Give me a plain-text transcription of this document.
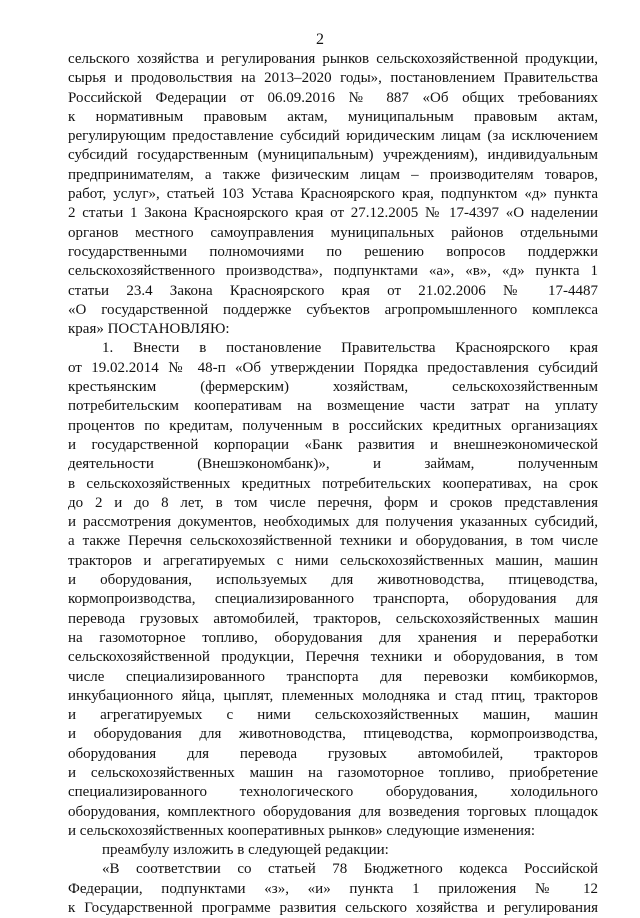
2
сельского хозяйства и регулирования рынков сельскохозяйственной продукции,
сырья и продовольствия на 2013–2020 годы», постановлением Правительства
Российской Федерации от 06.09.2016 № 887 «Об общих требованиях
к нормативным правовым актам, муниципальным правовым актам,
регулирующим предоставление субсидий юридическим лицам (за исключением
субсидий государственным (муниципальным) учреждениям), индивидуальным
предпринимателям, а также физическим лицам – производителям товаров,
работ, услуг», статьей 103 Устава Красноярского края, подпунктом «д» пункта
2 статьи 1 Закона Красноярского края от 27.12.2005 № 17-4397 «О наделении
органов местного самоуправления муниципальных районов отдельными
государственными полномочиями по решению вопросов поддержки
сельскохозяйственного производства», подпунктами «а», «в», «д» пункта 1
статьи 23.4 Закона Красноярского края от 21.02.2006 № 17-4487
«О государственной поддержке субъектов агропромышленного комплекса
края» ПОСТАНОВЛЯЮ:
1. Внести в постановление Правительства Красноярского края
от 19.02.2014 № 48-п «Об утверждении Порядка предоставления субсидий
крестьянским (фермерским) хозяйствам, сельскохозяйственным
потребительским кооперативам на возмещение части затрат на уплату
процентов по кредитам, полученным в российских кредитных организациях
и государственной корпорации «Банк развития и внешнеэкономической
деятельности (Внешэкономбанк)», и займам, полученным
в сельскохозяйственных кредитных потребительских кооперативах, на срок
до 2 и до 8 лет, в том числе перечня, форм и сроков представления
и рассмотрения документов, необходимых для получения указанных субсидий,
а также Перечня сельскохозяйственной техники и оборудования, в том числе
тракторов и агрегатируемых с ними сельскохозяйственных машин, машин
и оборудования, используемых для животноводства, птицеводства,
кормопроизводства, специализированного транспорта, оборудования для
перевода грузовых автомобилей, тракторов, сельскохозяйственных машин
на газомоторное топливо, оборудования для хранения и переработки
сельскохозяйственной продукции, Перечня техники и оборудования, в том
числе специализированного транспорта для перевозки комбикормов,
инкубационного яйца, цыплят, племенных молодняка и стад птиц, тракторов
и агрегатируемых с ними сельскохозяйственных машин, машин
и оборудования для животноводства, птицеводства, кормопроизводства,
оборудования для перевода грузовых автомобилей, тракторов
и сельскохозяйственных машин на газомоторное топливо, приобретение
специализированного технологического оборудования, холодильного
оборудования, комплектного оборудования для возведения торговых площадок
и сельскохозяйственных кооперативных рынков» следующие изменения:
преамбулу изложить в следующей редакции:
«В соответствии со статьей 78 Бюджетного кодекса Российской
Федерации, подпунктами «з», «и» пункта 1 приложения № 12
к Государственной программе развития сельского хозяйства и регулирования
